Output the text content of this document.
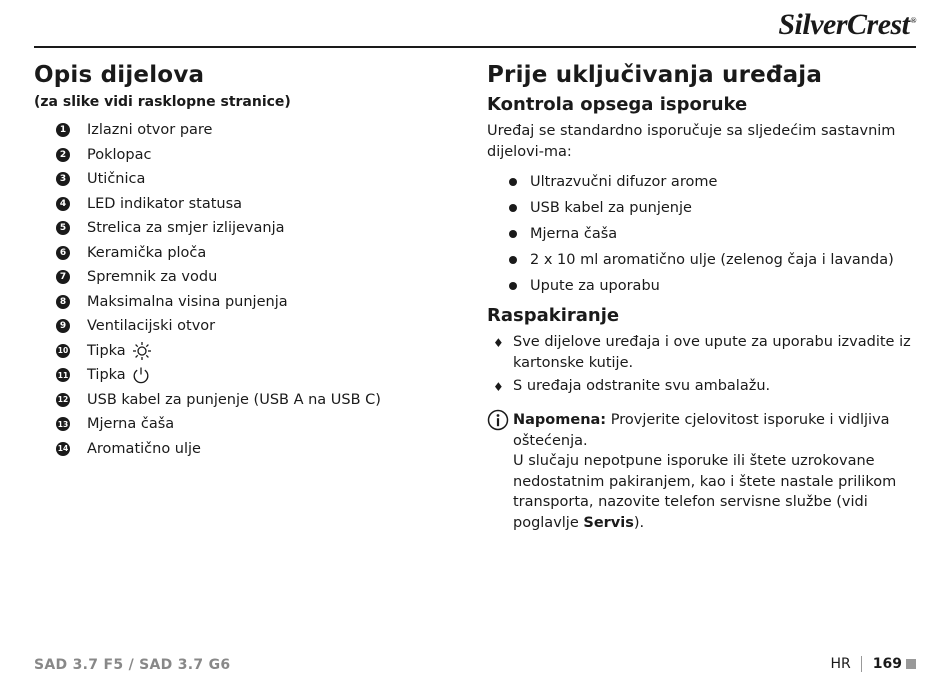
SilverCrest®
Opis dijelova
(za slike vidi rasklopne stranice)
1 Izlazni otvor pare
2 Poklopac
3 Utičnica
4 LED indikator statusa
5 Strelica za smjer izlijevanja
6 Keramička ploča
7 Spremnik za vodu
8 Maksimalna visina punjenja
9 Ventilacijski otvor
10 Tipka
11 Tipka
12 USB kabel za punjenje (USB A na USB C)
13 Mjerna čaša
14 Aromatično ulje
Prije uključivanja uređaja
Kontrola opsega isporuke

Uređaj se standardno isporučuje sa sljedećim sastavnim dijelovi-ma:

Ultrazvučni difuzor arome
USB kabel za punjenje
Mjerna čaša
2 x 10 ml aromatično ulje (zelenog čaja i lavanda)
Upute za uporabu
Raspakiranje
♦ Sve dijelove uređaja i ove upute za uporabu izvadite iz kartonske kutije.
♦ S uređaja odstranite svu ambalažu.
Napomena: Provjerite cjelovitost isporuke i vidljiva oštećenja.
U slučaju nepotpune isporuke ili štete uzrokovane nedostatnim pakiranjem, kao i štete nastale prilikom transporta, nazovite telefon servisne službe (vidi poglavlje Servis).
SAD 3.7 F5 / SAD 3.7 G6	HR 169
